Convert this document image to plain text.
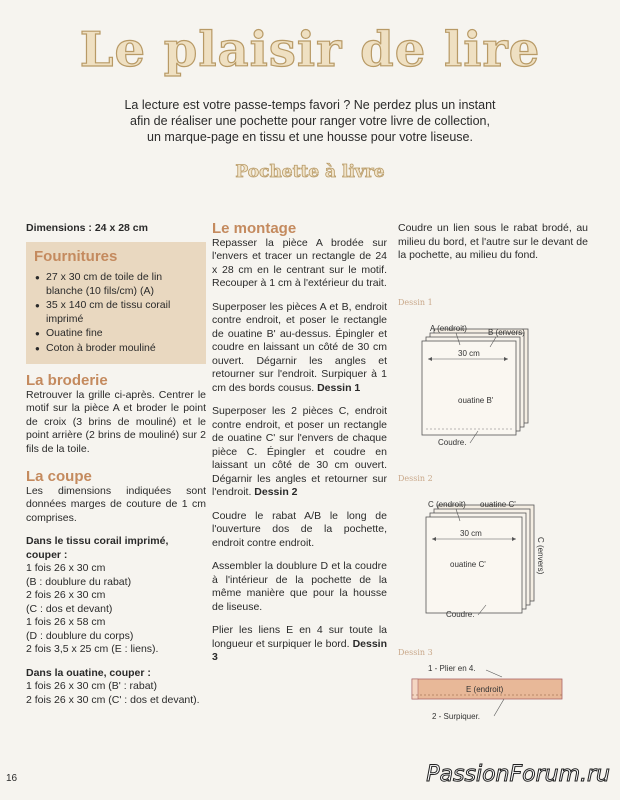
Le plaisir de lire
La lecture est votre passe-temps favori ? Ne perdez plus un instant
afin de réaliser une pochette pour ranger votre livre de collection,
un marque-page en tissu et une housse pour votre liseuse.
Pochette à livre
Dimensions : 24 x 28 cm
Fournitures
● 27 x 30 cm de toile de lin blanche (10 fils/cm) (A)
● 35 x 140 cm de tissu corail imprimé
● Ouatine fine
● Coton à broder mouliné
La broderie
Retrouver la grille ci-après. Centrer le motif sur la pièce A et broder le point de croix (3 brins de mouliné) et le point arrière (2 brins de mouliné) sur 2 fils de la toile.
La coupe
Les dimensions indiquées sont données marges de couture de 1 cm comprises.
Dans le tissu corail imprimé, couper :
1 fois 26 x 30 cm
(B : doublure du rabat)
2 fois 26 x 30 cm
(C : dos et devant)
1 fois 26 x 58 cm
(D : doublure du corps)
2 fois 3,5 x 25 cm (E : liens).
Dans la ouatine, couper :
1 fois 26 x 30 cm (B' : rabat)
2 fois 26 x 30 cm (C' : dos et devant).
Le montage
Repasser la pièce A brodée sur l'envers et tracer un rectangle de 24 x 28 cm en le centrant sur le motif. Recouper à 1 cm à l'extérieur du trait.
Superposer les pièces A et B, endroit contre endroit, et poser le rectangle de ouatine B' au-dessus. Épingler et coudre en laissant un côté de 30 cm ouvert. Dégarnir les angles et retourner sur l'endroit. Surpiquer à 1 cm des bords cousus. Dessin 1
Superposer les 2 pièces C, endroit contre endroit, et poser un rectangle de ouatine C' sur l'envers de chaque pièce C. Épingler et coudre en laissant un côté de 30 cm ouvert. Dégarnir les angles et retourner sur l'endroit. Dessin 2
Coudre le rabat A/B le long de l'ouverture dos de la pochette, endroit contre endroit.
Assembler la doublure D et la coudre à l'intérieur de la pochette de la même manière que pour la housse de liseuse.
Plier les liens E en 4 sur toute la longueur et surpiquer le bord. Dessin 3
Coudre un lien sous le rabat brodé, au milieu du bord, et l'autre sur le devant de la pochette, au milieu du fond.
Dessin 1
A (endroit)	B (envers)
30 cm
ouatine B'
Coudre.
Dessin 2
C (endroit) ouatine C'
C (envers)
30 cm
ouatine C'
Coudre.
Dessin 3
1 - Plier en 4.
E (endroit)
2 - Surpiquer.
16	PassionForum.ru
